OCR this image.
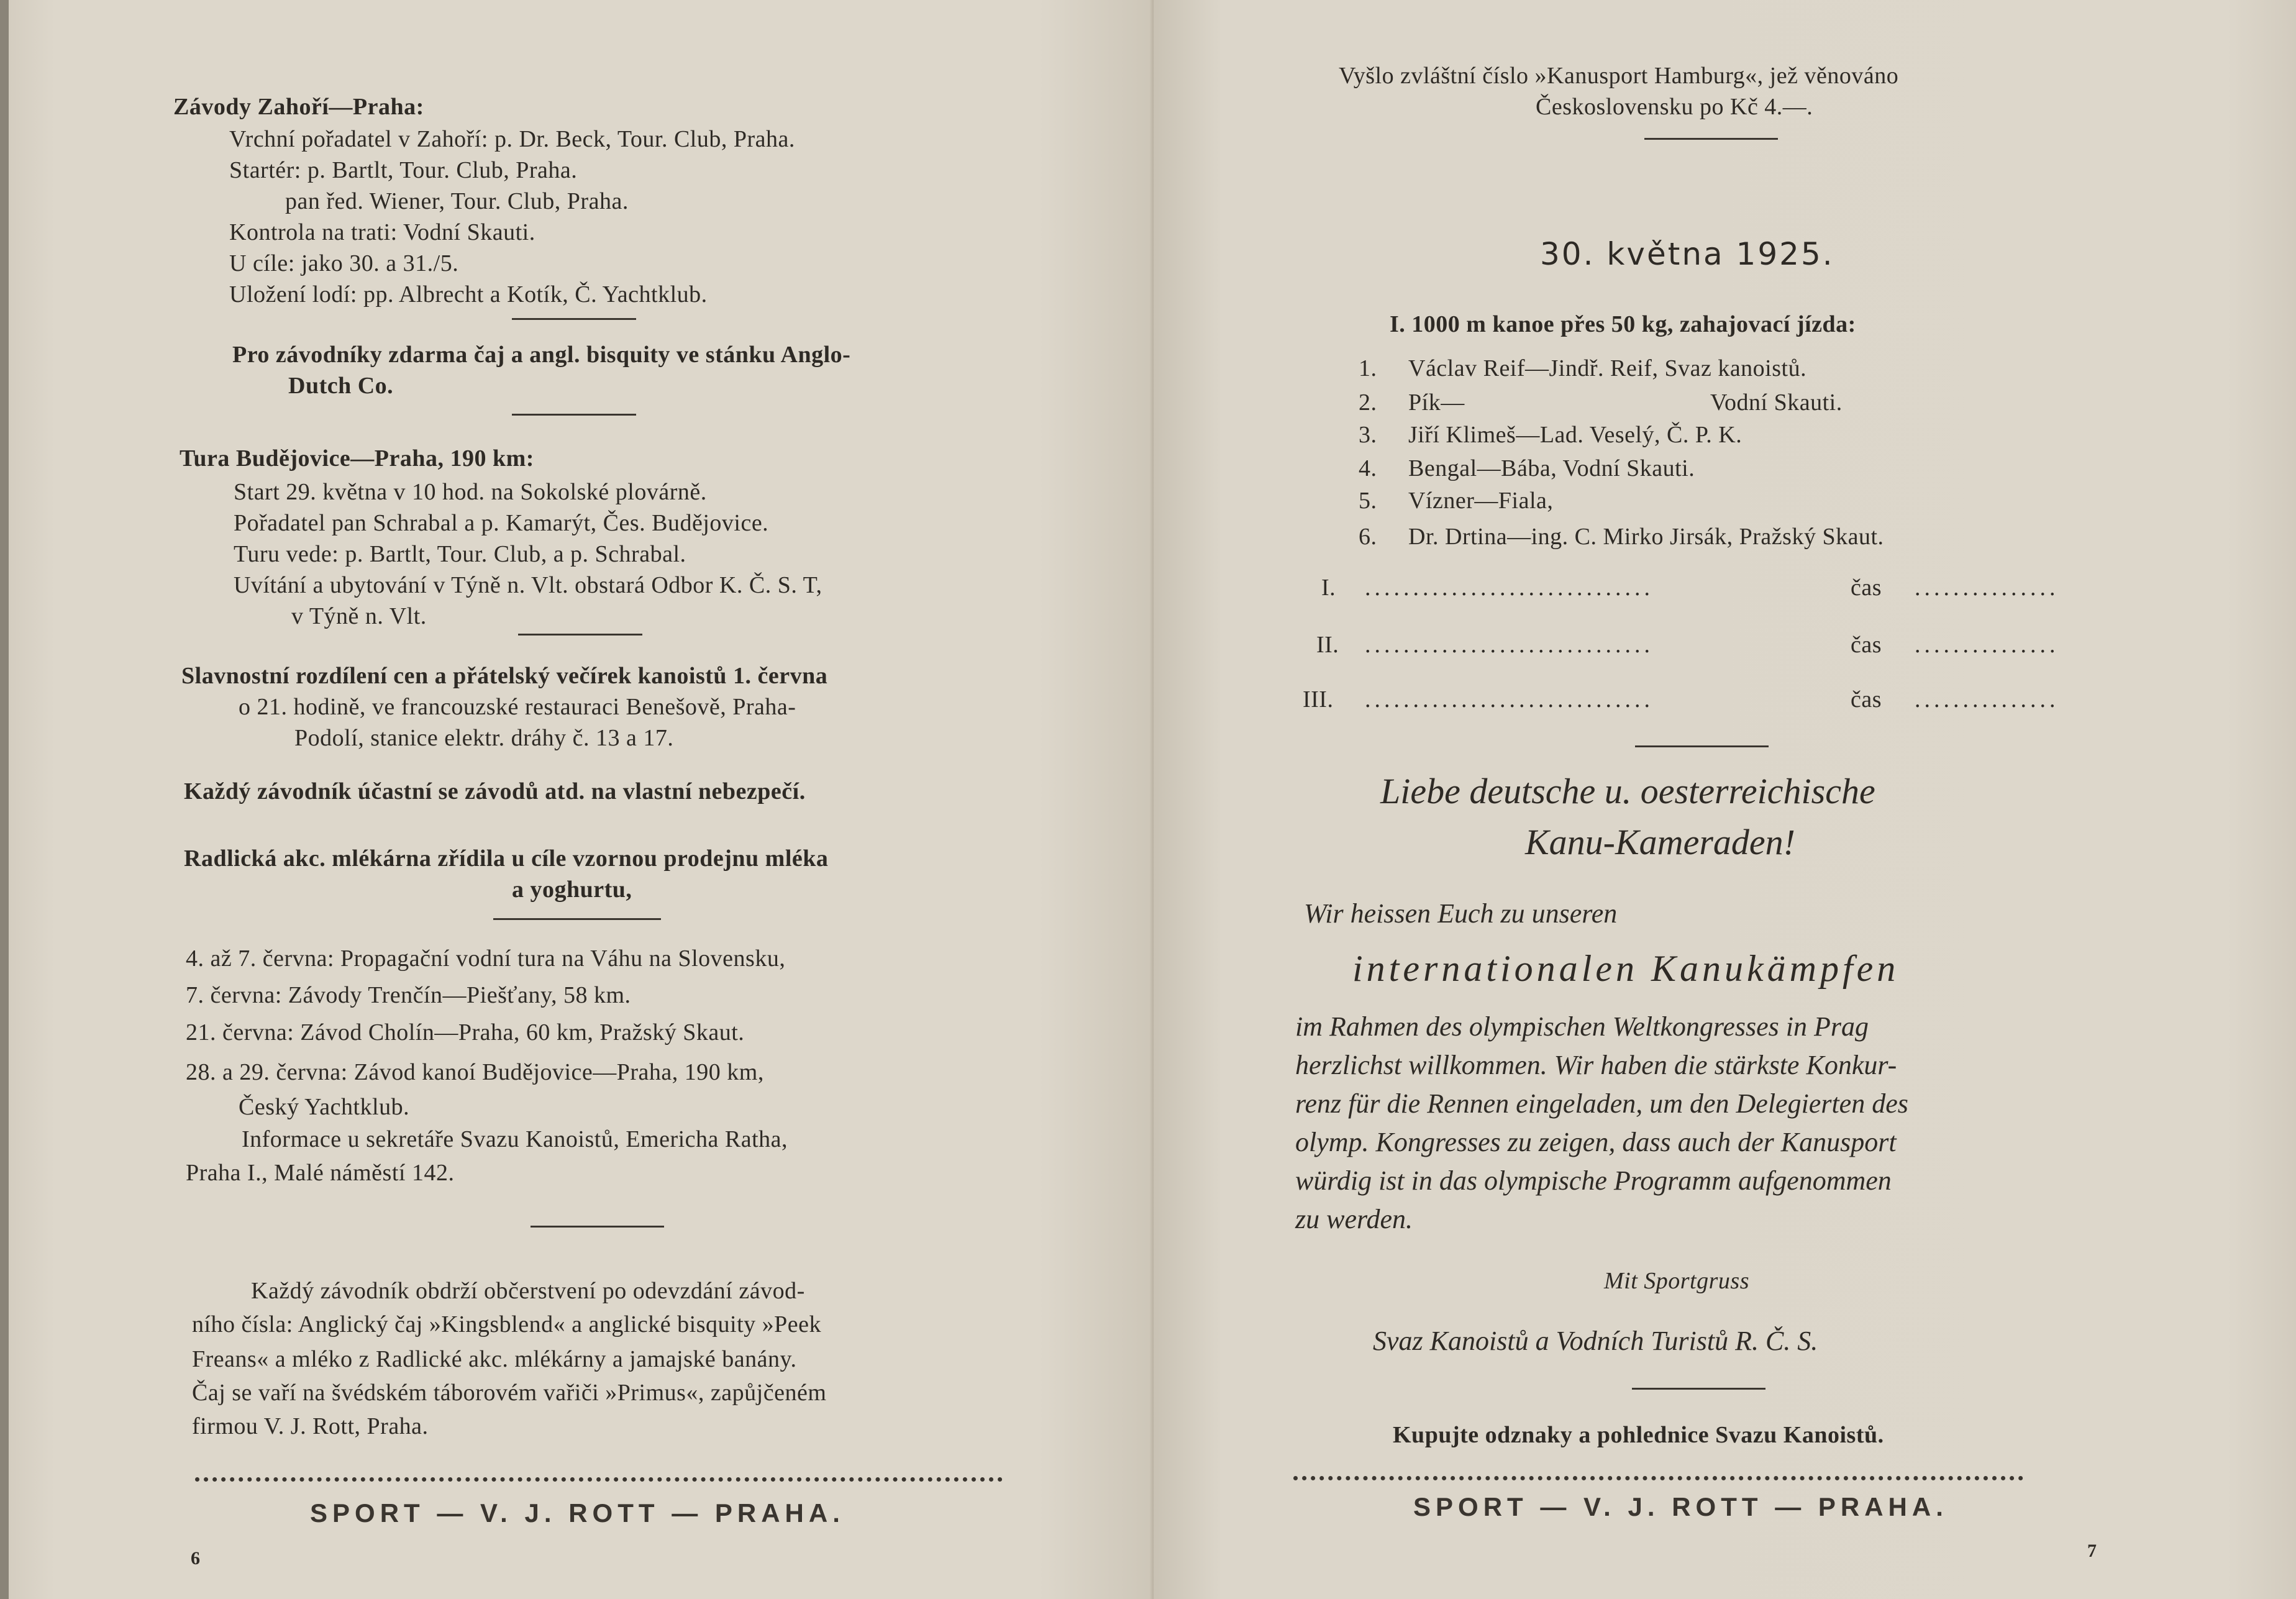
Závody Zahoří—Praha:
Vrchní pořadatel v Zahoří: p. Dr. Beck, Tour. Club, Praha.
Startér: p. Bartlt, Tour. Club, Praha.
pan řed. Wiener, Tour. Club, Praha.
Kontrola na trati: Vodní Skauti.
U cíle: jako 30. a 31./5.
Uložení lodí: pp. Albrecht a Kotík, Č. Yachtklub.
Pro závodníky zdarma čaj a angl. bisquity ve stánku Anglo-
Dutch Co.
Tura Budějovice—Praha, 190 km:
Start 29. května v 10 hod. na Sokolské plovárně.
Pořadatel pan Schrabal a p. Kamarýt, Čes. Budějovice.
Turu vede: p. Bartlt, Tour. Club, a p. Schrabal.
Uvítání a ubytování v Týně n. Vlt. obstará Odbor K. Č. S. T,
v Týně n. Vlt.
Slavnostní rozdílení cen a přátelský večírek kanoistů 1. června
o 21. hodině, ve francouzské restauraci Benešově, Praha-
Podolí, stanice elektr. dráhy č. 13 a 17.
Každý závodník účastní se závodů atd. na vlastní nebezpečí.
Radlická akc. mlékárna zřídila u cíle vzornou prodejnu mléka
a yoghurtu,
4. až 7. června: Propagační vodní tura na Váhu na Slovensku,
7. června: Závody Trenčín—Piešťany, 58 km.
21. června: Závod Cholín—Praha, 60 km, Pražský Skaut.
28. a 29. června: Závod kanoí Budějovice—Praha, 190 km,
Český Yachtklub.
Informace u sekretáře Svazu Kanoistů, Emericha Ratha,
Praha I., Malé náměstí 142.
Každý závodník obdrží občerstvení po odevzdání závod-
ního čísla: Anglický čaj »Kingsblend« a anglické bisquity »Peek
Freans« a mléko z Radlické akc. mlékárny a jamajské banány.
Čaj se vaří na švédském táborovém vařiči »Primus«, zapůjčeném
firmou V. J. Rott, Praha.
SPORT — V. J. ROTT — PRAHA.
6
Vyšlo zvláštní číslo »Kanusport Hamburg«, jež věnováno
Československu po Kč 4.—.
30. května 1925.
I. 1000 m kanoe přes 50 kg, zahajovací jízda:
1. Václav Reif—Jindř. Reif, Svaz kanoistů.
2. Pík—	Vodní Skauti.
3. Jiří Klimeš—Lad. Veselý, Č. P. K.
4. Bengal—Bába, Vodní Skauti.
5. Vízner—Fiala,
6. Dr. Drtina—ing. C. Mirko Jirsák, Pražský Skaut.
I. ..............................	čas ...............
II. ..............................	čas ...............
III. ..............................	čas ...............
Liebe deutsche u. oesterreichische
Kanu-Kameraden!
Wir heissen Euch zu unseren
internationalen Kanukämpfen
im Rahmen des olympischen Weltkongresses in Prag
herzlichst willkommen. Wir haben die stärkste Konkur-
renz für die Rennen eingeladen, um den Delegierten des
olymp. Kongresses zu zeigen, dass auch der Kanusport
würdig ist in das olympische Programm aufgenommen
zu werden.
Mit Sportgruss
Svaz Kanoistů a Vodních Turistů R. Č. S.
Kupujte odznaky a pohlednice Svazu Kanoistů.
SPORT — V. J. ROTT — PRAHA.
7
